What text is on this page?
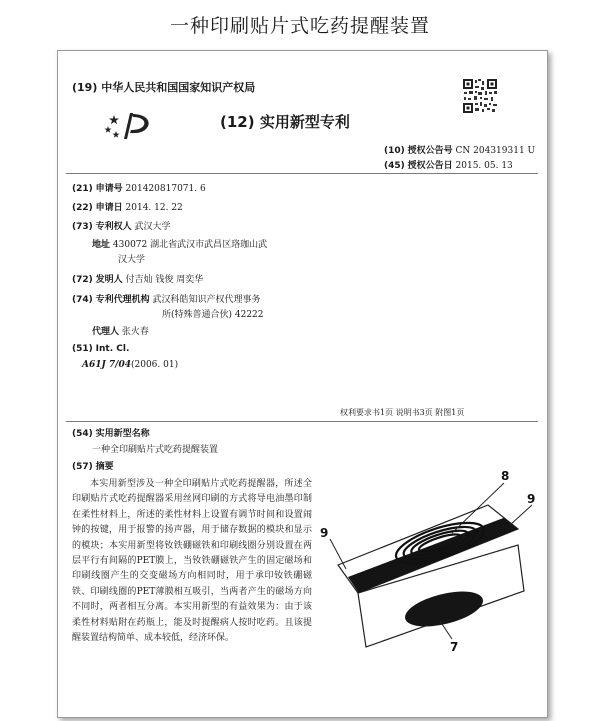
一种印刷贴片式吃药提醒装置
(19) 中华人民共和国国家知识产权局
(12) 实用新型专利
(10) 授权公告号 CN 204319311 U
(45) 授权公告日 2015. 05. 13
(21) 申请号 201420817071. 6
(22) 申请日 2014. 12. 22
(73) 专利权人 武汉大学
地址 430072 湖北省武汉市武昌区珞珈山武
汉大学
(72) 发明人 付吉灿 钱俊 周奕华
(74) 专利代理机构 武汉科皓知识产权代理事务
所(特殊普通合伙) 42222
代理人 张火春
(51) Int. Cl.
A61J 7/04(2006. 01)
权利要求书1页 说明书3页 附图1页
(54) 实用新型名称
一种全印刷贴片式吃药提醒装置
(57) 摘要

本实用新型涉及一种全印刷贴片式吃药提醒器，所述全印刷贴片式吃药提醒器采用丝网印刷的方式将导电油墨印制在柔性材料上，所述的柔性材料上设置有调节时间和设置闹钟的按键，用于报警的扬声器，用于储存数据的模块和显示的模块；本实用新型将钕铁硼磁铁和印刷线圈分别设置在两层平行有间隔的PET膜上，当钕铁硼磁铁产生的固定磁场和印刷线圈产生的交变磁场方向相同时，用于承印钕铁硼磁铁、印刷线圈的PET薄膜相互吸引，当两者产生的磁场方向不同时，两者相互分离。本实用新型的有益效果为：由于该柔性材料贴附在药瓶上，能及时提醒病人按时吃药。且该提醒装置结构简单、成本较低，经济环保。

8
9
9
7
